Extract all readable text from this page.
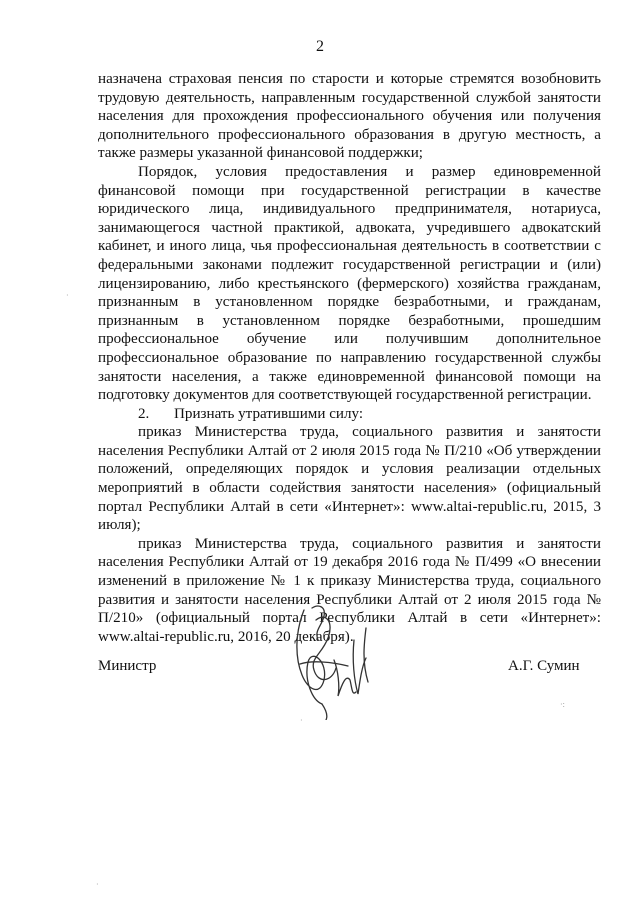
2

назначена страховая пенсия по старости и которые стремятся возобновить трудовую деятельность, направленным государственной службой занятости населения для прохождения профессионального обучения или получения дополнительного профессионального образования в другую местность, а также размеры указанной финансовой поддержки;

Порядок, условия предоставления и размер единовременной финансовой помощи при государственной регистрации в качестве юридического лица, индивидуального предпринимателя, нотариуса, занимающегося частной практикой, адвоката, учредившего адвокатский кабинет, и иного лица, чья профессиональная деятельность в соответствии с федеральными законами подлежит государственной регистрации и (или) лицензированию, либо крестьянского (фермерского) хозяйства гражданам, признанным в установленном порядке безработными, и гражданам, признанным в установленном порядке безработными, прошедшим профессиональное обучение или получившим дополнительное профессиональное образование по направлению государственной службы занятости населения, а также единовременной финансовой помощи на подготовку документов для соответствующей государственной регистрации.

2. Признать утратившими силу:

приказ Министерства труда, социального развития и занятости населения Республики Алтай от 2 июля 2015 года № П/210 «Об утверждении положений, определяющих порядок и условия реализации отдельных мероприятий в области содействия занятости населения» (официальный портал Республики Алтай в сети «Интернет»: www.altai-republic.ru, 2015, 3 июля);

приказ Министерства труда, социального развития и занятости населения Республики Алтай от 19 декабря 2016 года № П/499 «О внесении изменений в приложение № 1 к приказу Министерства труда, социального развития и занятости населения Республики Алтай от 2 июля 2015 года № П/210» (официальный портал Республики Алтай в сети «Интернет»: www.altai-republic.ru, 2016, 20 декабря).

Министр	А.Г. Сумин
·
·:
·
·
